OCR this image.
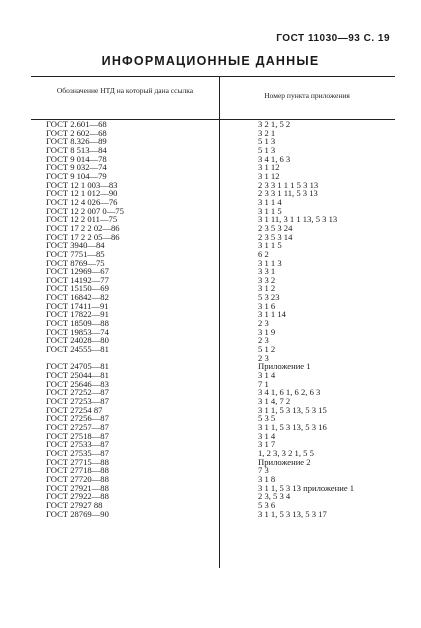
ГОСТ 11030—93 С. 19
ИНФОРМАЦИОННЫЕ ДАННЫЕ
Обозначение НТД на который дана ссылка
Номер пункта приложения
ГОСТ 2.601—68	3 2 1, 5 2
ГОСТ 2 602—68	3 2 1
ГОСТ 8.326—89	5 1 3
ГОСТ 8 513—84	5 1 3
ГОСТ 9 014—78	3 4 1, 6 3
ГОСТ 9 032—74	3 1 12
ГОСТ 9 104—79	3 1 12
ГОСТ 12 1 003—83	2 3 3 1 1 1 5 3 13
ГОСТ 12 1 012—90	2 3 3 1 11, 5 3 13
ГОСТ 12 4 026—76	3 1 1 4
ГОСТ 12 2 007 0—75	3 1 1 5
ГОСТ 12 2 011—75	3 1 11, 3 1 1 13, 5 3 13
ГОСТ 17 2 2 02—86	2 3 5 3 24
ГОСТ 17 2 2 05—86	2 3 5 3 14
ГОСТ 3940—84	3 1 1 5
ГОСТ 7751—85	6 2
ГОСТ 8769—75	3 1 1 3
ГОСТ 12969—67	3 3 1
ГОСТ 14192—77	3 3 2
ГОСТ 15150—69	3 1 2
ГОСТ 16842—82	5 3 23
ГОСТ 17411—91	3 1 6
ГОСТ 17822—91	3 1 1 14
ГОСТ 18509—88	2 3
ГОСТ 19853—74	3 1 9
ГОСТ 24028—80	2 3
ГОСТ 24555—81	5 1 2
2 3
ГОСТ 24705—81	Приложение 1
ГОСТ 25044—81	3 1 4
ГОСТ 25646—83	7 1
ГОСТ 27252—87	3 4 1, 6 1, 6 2, 6 3
ГОСТ 27253—87	3 1 4, 7 2
ГОСТ 27254 87	3 1 1, 5 3 13, 5 3 15
ГОСТ 27256—87	5 3 5
ГОСТ 27257—87	3 1 1, 5 3 13, 5 3 16
ГОСТ 27518—87	3 1 4
ГОСТ 27533—87	3 1 7
ГОСТ 27535—87	1, 2 3, 3 2 1, 5 5
ГОСТ 27715—88	Приложение 2
ГОСТ 27718—88	7 3
ГОСТ 27720—88	3 1 8
ГОСТ 27921—88	3 1 1, 5 3 13 приложение 1
ГОСТ 27922—88	2 3, 5 3 4
ГОСТ 27927 88	5 3 6
ГОСТ 28769—90	3 1 1, 5 3 13, 5 3 17
